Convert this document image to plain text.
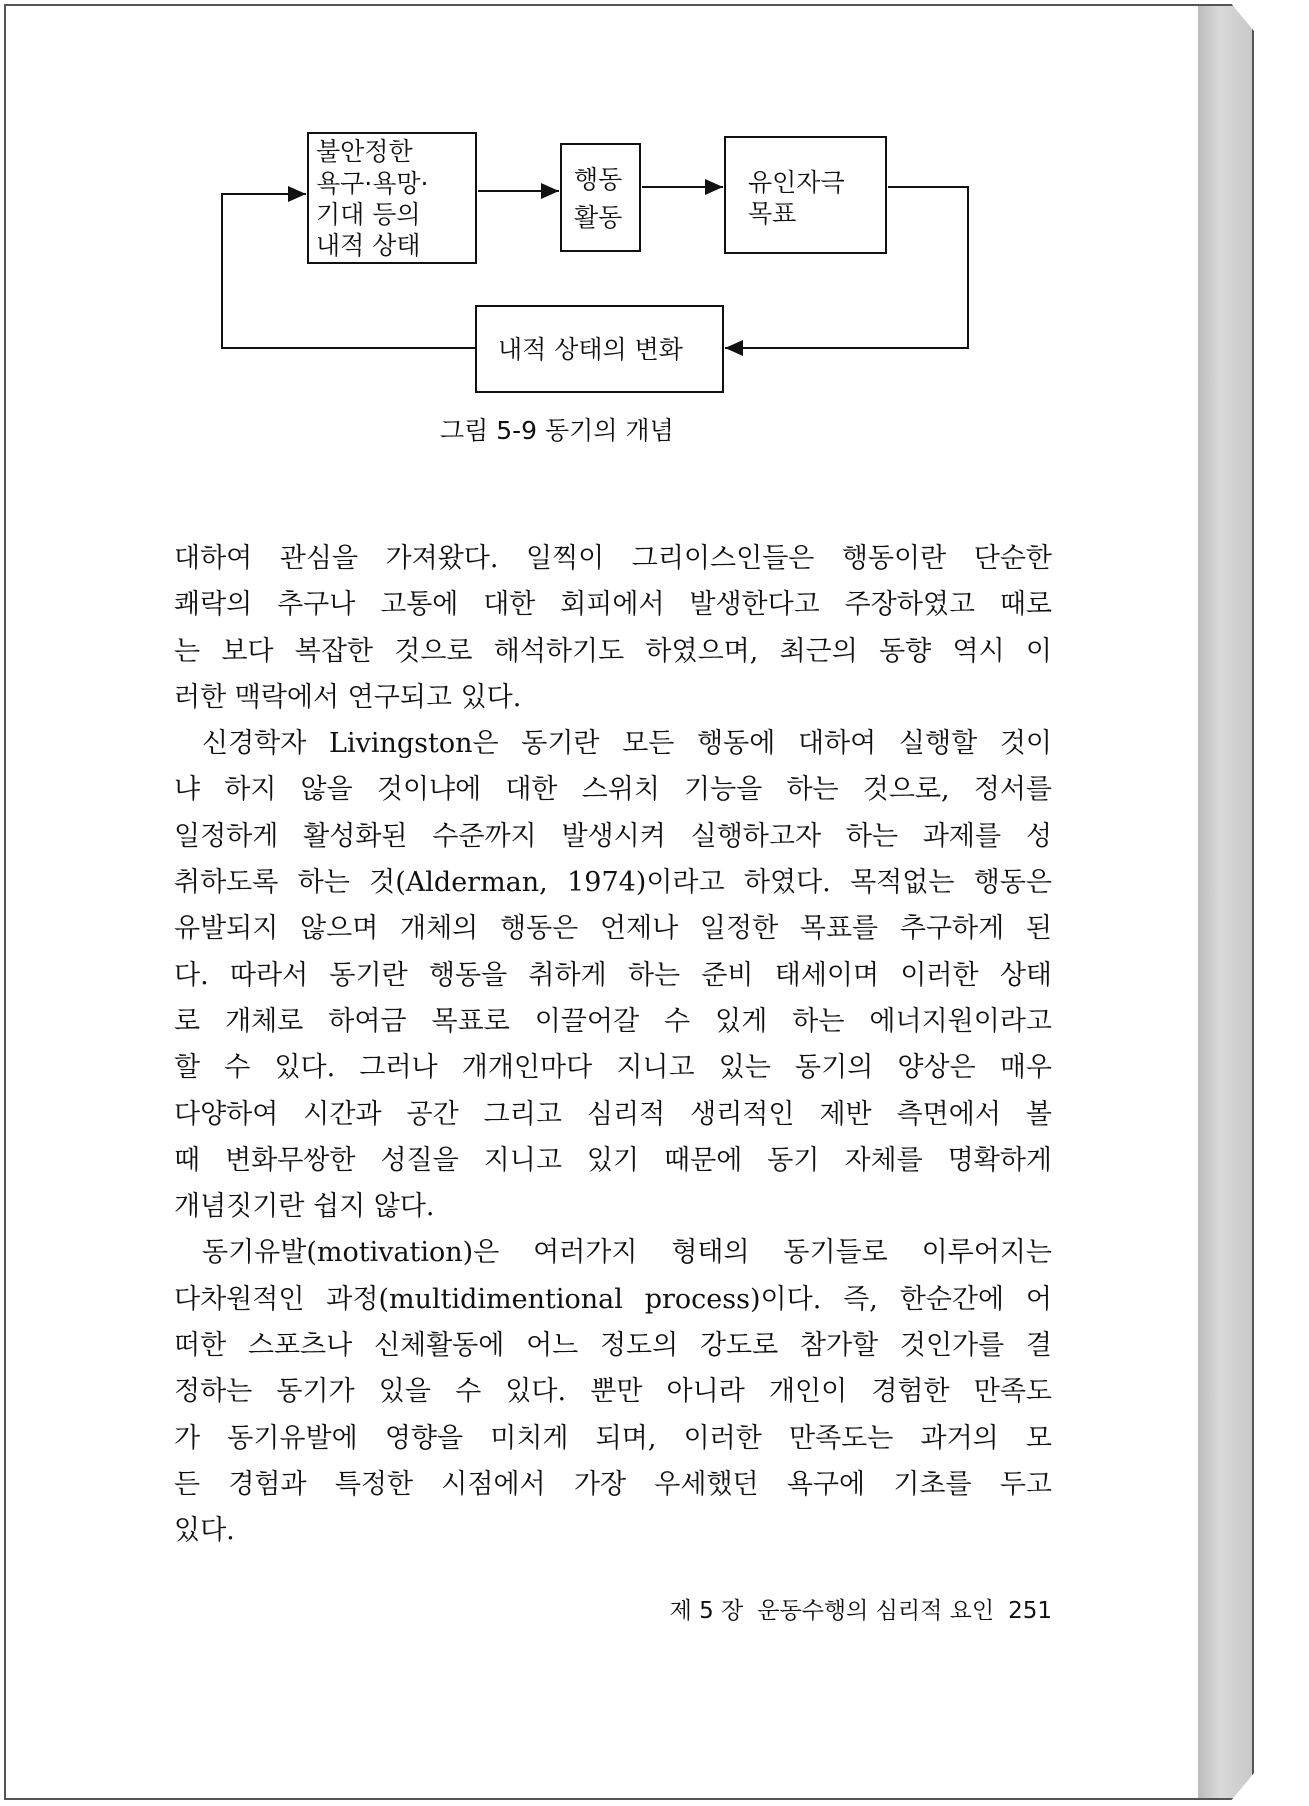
불안정한
욕구·욕망·
기대 등의
내적 상태
행동
활동
유인자극
목표
내적 상태의 변화
그림 5-9 동기의 개념
대하여 관심을 가져왔다. 일찍이 그리이스인들은 행동이란 단순한
쾌락의 추구나 고통에 대한 회피에서 발생한다고 주장하였고 때로
는 보다 복잡한 것으로 해석하기도 하였으며, 최근의 동향 역시 이
러한 맥락에서 연구되고 있다.
신경학자 Livingston은 동기란 모든 행동에 대하여 실행할 것이
냐 하지 않을 것이냐에 대한 스위치 기능을 하는 것으로, 정서를
일정하게 활성화된 수준까지 발생시켜 실행하고자 하는 과제를 성
취하도록 하는 것(Alderman, 1974)이라고 하였다. 목적없는 행동은
유발되지 않으며 개체의 행동은 언제나 일정한 목표를 추구하게 된
다. 따라서 동기란 행동을 취하게 하는 준비 태세이며 이러한 상태
로 개체로 하여금 목표로 이끌어갈 수 있게 하는 에너지원이라고
할 수 있다. 그러나 개개인마다 지니고 있는 동기의 양상은 매우
다양하여 시간과 공간 그리고 심리적 생리적인 제반 측면에서 볼
때 변화무쌍한 성질을 지니고 있기 때문에 동기 자체를 명확하게
개념짓기란 쉽지 않다.
동기유발(motivation)은 여러가지 형태의 동기들로 이루어지는
다차원적인 과정(multidimentional process)이다. 즉, 한순간에 어
떠한 스포츠나 신체활동에 어느 정도의 강도로 참가할 것인가를 결
정하는 동기가 있을 수 있다. 뿐만 아니라 개인이 경험한 만족도
가 동기유발에 영향을 미치게 되며, 이러한 만족도는 과거의 모
든 경험과 특정한 시점에서 가장 우세했던 욕구에 기초를 두고
있다.
제 5 장 운동수행의 심리적 요인 251
